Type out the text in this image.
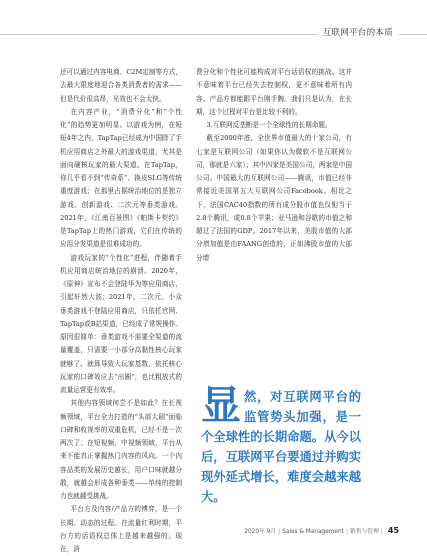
互联网平台的本质

还可以通过内容电商、C2M定制等方式，去最大限度地迎合各类消费者的需求——但是代价很高昂，见效也不会太快。

在内容产业，“消费分化”和“个性化”的趋势更加明显。以游戏为例，在短短4年之内，TapTap已经成为中国除了手机应用商店之外最大的游戏渠道，尤其是面向硬核玩家的最大渠道。在TapTap，你几乎看不到“传奇系”、换皮SLG等传统重度游戏；在那里占据统治地位的是独立游戏、创新游戏、二次元等垂类游戏。2021年，《江南百景图》《帕斯卡契约》是TapTap上的热门游戏，它们在传统的应用分发渠道是很难成功的。

游戏玩家的“个性化”进程，伴随着手机应用商店统治地位的崩溃。2020年，《原神》宣布不会登陆华为等应用商店，引起轩然大波；2021年，二次元、小众垂类游戏不登陆应用商店，只依托官网、TapTap或B站渠道，已经成了常规操作。原因很简单：垂类游戏不需要全渠道的流量覆盖，只需要一小部分高黏性核心玩家就够了。就算导致大玩家基数，依托核心玩家的口碑效应去“出圈”，也比粗放式的流量运营更有效率。

其他内容领域何尝不是如此？在长视频领域，平台全力打造的“头部大剧”面临口碑和收视率的双重危机，已经不是一次两次了；在短视频、中视频领域，平台从来不能真正掌握热门内容的风向。一个内容品类的发展历史越长，用户口味就越分散，就越会形成各种垂类——单纯的控制力也就越受挑战。

平台方及内容/产品方的博弈，是一个长期、动态的过程。在流量红利时期，平台方的话语权总体上是越来越强的；现在，消

费分化和个性化可能构成对平台话语权的挑战。这并不意味着平台已经失去控制权，更不意味着所有内容、产品方都能跟平台刚手腕。我们只是认为，在长期，这个过程对平台是比较不利的。

3.互联网反垄断是一个全球性的长期命题。

截至2000年底，全世界市值最大的十家公司，有七家是互联网公司（如果你认为微软不是互联网公司，那就是六家）；其中四家是美国公司，两家是中国公司。中国最大的互联网公司——腾讯，市值已经非常接近美国第五大互联网公司Facebook。相比之下，法国CAC40指数的所有成分股市值也仅相当于2.8个腾讯，或0.8个苹果；亚马逊和谷歌的市值之和超过了法国的GDP。2017年以来，美股市值的大部分增加值是由FAANG创造的，正如沸股市值的大部分增

显然，对互联网平台的监管势头加强，是一个全球性的长期命题。从今以后，互联网平台要通过并购实现外延式增长，难度会越来越大。
2020年 9月 | Sales & Management | 销售与管理 | 45
